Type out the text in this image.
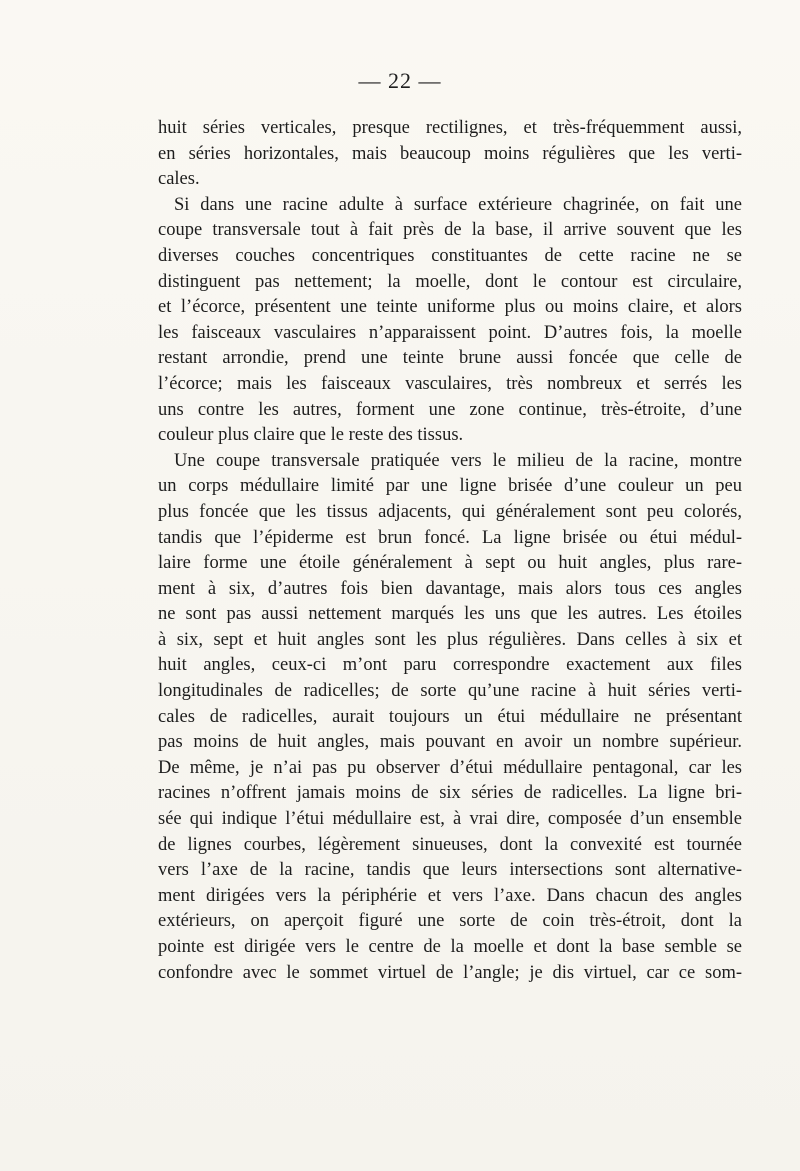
— 22 —
huit séries verticales, presque rectilignes, et très-fréquemment aussi,
en séries horizontales, mais beaucoup moins régulières que les verti-
cales.
Si dans une racine adulte à surface extérieure chagrinée, on fait une
coupe transversale tout à fait près de la base, il arrive souvent que les
diverses couches concentriques constituantes de cette racine ne se
distinguent pas nettement; la moelle, dont le contour est circulaire,
et l’écorce, présentent une teinte uniforme plus ou moins claire, et alors
les faisceaux vasculaires n’apparaissent point. D’autres fois, la moelle
restant arrondie, prend une teinte brune aussi foncée que celle de
l’écorce; mais les faisceaux vasculaires, très nombreux et serrés les
uns contre les autres, forment une zone continue, très-étroite, d’une
couleur plus claire que le reste des tissus.
Une coupe transversale pratiquée vers le milieu de la racine, montre
un corps médullaire limité par une ligne brisée d’une couleur un peu
plus foncée que les tissus adjacents, qui généralement sont peu colorés,
tandis que l’épiderme est brun foncé. La ligne brisée ou étui médul-
laire forme une étoile généralement à sept ou huit angles, plus rare-
ment à six, d’autres fois bien davantage, mais alors tous ces angles
ne sont pas aussi nettement marqués les uns que les autres. Les étoiles
à six, sept et huit angles sont les plus régulières. Dans celles à six et
huit angles, ceux-ci m’ont paru correspondre exactement aux files
longitudinales de radicelles; de sorte qu’une racine à huit séries verti-
cales de radicelles, aurait toujours un étui médullaire ne présentant
pas moins de huit angles, mais pouvant en avoir un nombre supérieur.
De même, je n’ai pas pu observer d’étui médullaire pentagonal, car les
racines n’offrent jamais moins de six séries de radicelles. La ligne bri-
sée qui indique l’étui médullaire est, à vrai dire, composée d’un ensemble
de lignes courbes, légèrement sinueuses, dont la convexité est tournée
vers l’axe de la racine, tandis que leurs intersections sont alternative-
ment dirigées vers la périphérie et vers l’axe. Dans chacun des angles
extérieurs, on aperçoit figuré une sorte de coin très-étroit, dont la
pointe est dirigée vers le centre de la moelle et dont la base semble se
confondre avec le sommet virtuel de l’angle; je dis virtuel, car ce som-
